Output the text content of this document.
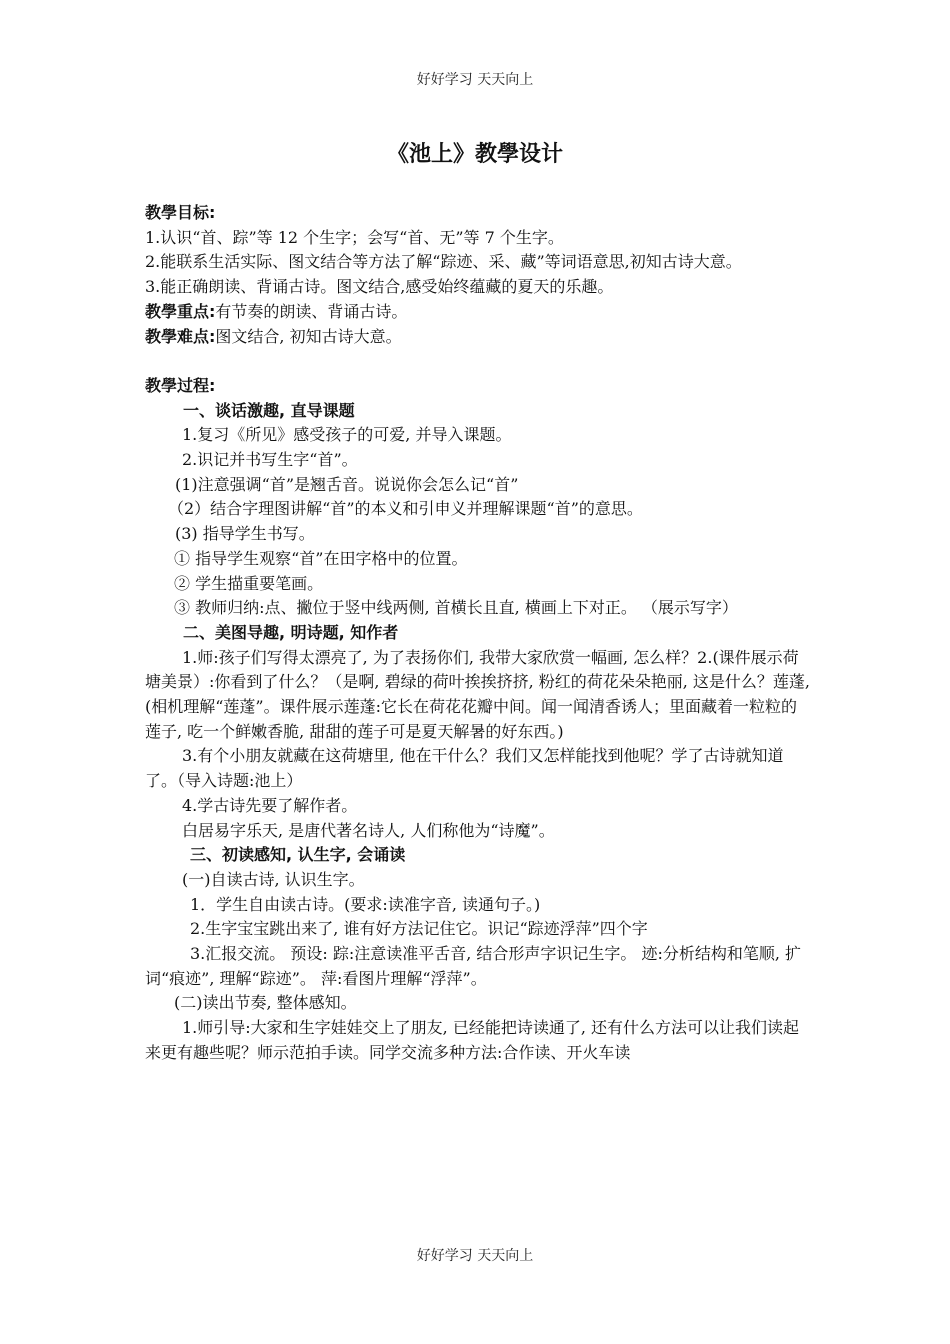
好好学习 天天向上
《池上》教學设计

教學目标:

1.认识“首、踪”等 12 个生字；会写“首、无”等 7 个生字。

2.能联系生活实际、图文结合等方法了解“踪迹、采、藏”等词语意思,初知古诗大意。

3.能正确朗读、背诵古诗。图文结合,感受始终蕴藏的夏天的乐趣。

教學重点:有节奏的朗读、背诵古诗。

教學难点:图文结合, 初知古诗大意。

教學过程:

一、谈话激趣, 直导课题

1.复习《所见》感受孩子的可爱, 并导入课题。

2.识记并书写生字“首”。

(1)注意强调“首”是翘舌音。说说你会怎么记“首”

（2）结合字理图讲解“首”的本义和引申义并理解课题“首”的意思。

(3) 指导学生书写。

① 指导学生观察“首”在田字格中的位置。

② 学生描重要笔画。

③ 教师归纳:点、撇位于竖中线两侧, 首横长且直, 横画上下对正。 （展示写字）

二、美图导趣, 明诗题, 知作者

1.师:孩子们写得太漂亮了, 为了表扬你们, 我带大家欣赏一幅画, 怎么样？2.(课件展示荷塘美景）:你看到了什么？（是啊, 碧绿的荷叶挨挨挤挤, 粉红的荷花朵朵艳丽, 这是什么？莲蓬, (相机理解“莲蓬”。课件展示莲蓬:它长在荷花花瓣中间。闻一闻清香诱人；里面藏着一粒粒的莲子, 吃一个鲜嫩香脆, 甜甜的莲子可是夏天解暑的好东西。)

3.有个小朋友就藏在这荷塘里, 他在干什么？我们又怎样能找到他呢？学了古诗就知道了。（导入诗题:池上）

4.学古诗先要了解作者。

白居易字乐天, 是唐代著名诗人, 人们称他为“诗魔”。

三、初读感知, 认生字, 会诵读

(一)自读古诗, 认识生字。

1．学生自由读古诗。(要求:读准字音, 读通句子。)

2.生字宝宝跳出来了, 谁有好方法记住它。识记“踪迹浮萍”四个字

3.汇报交流。 预设: 踪:注意读准平舌音, 结合形声字识记生字。 迹:分析结构和笔顺, 扩词“痕迹”, 理解“踪迹”。 萍:看图片理解“浮萍”。

(二)读出节奏, 整体感知。

1.师引导:大家和生字娃娃交上了朋友, 已经能把诗读通了, 还有什么方法可以让我们读起来更有趣些呢？师示范拍手读。同学交流多种方法:合作读、开火车读

好好学习 天天向上
